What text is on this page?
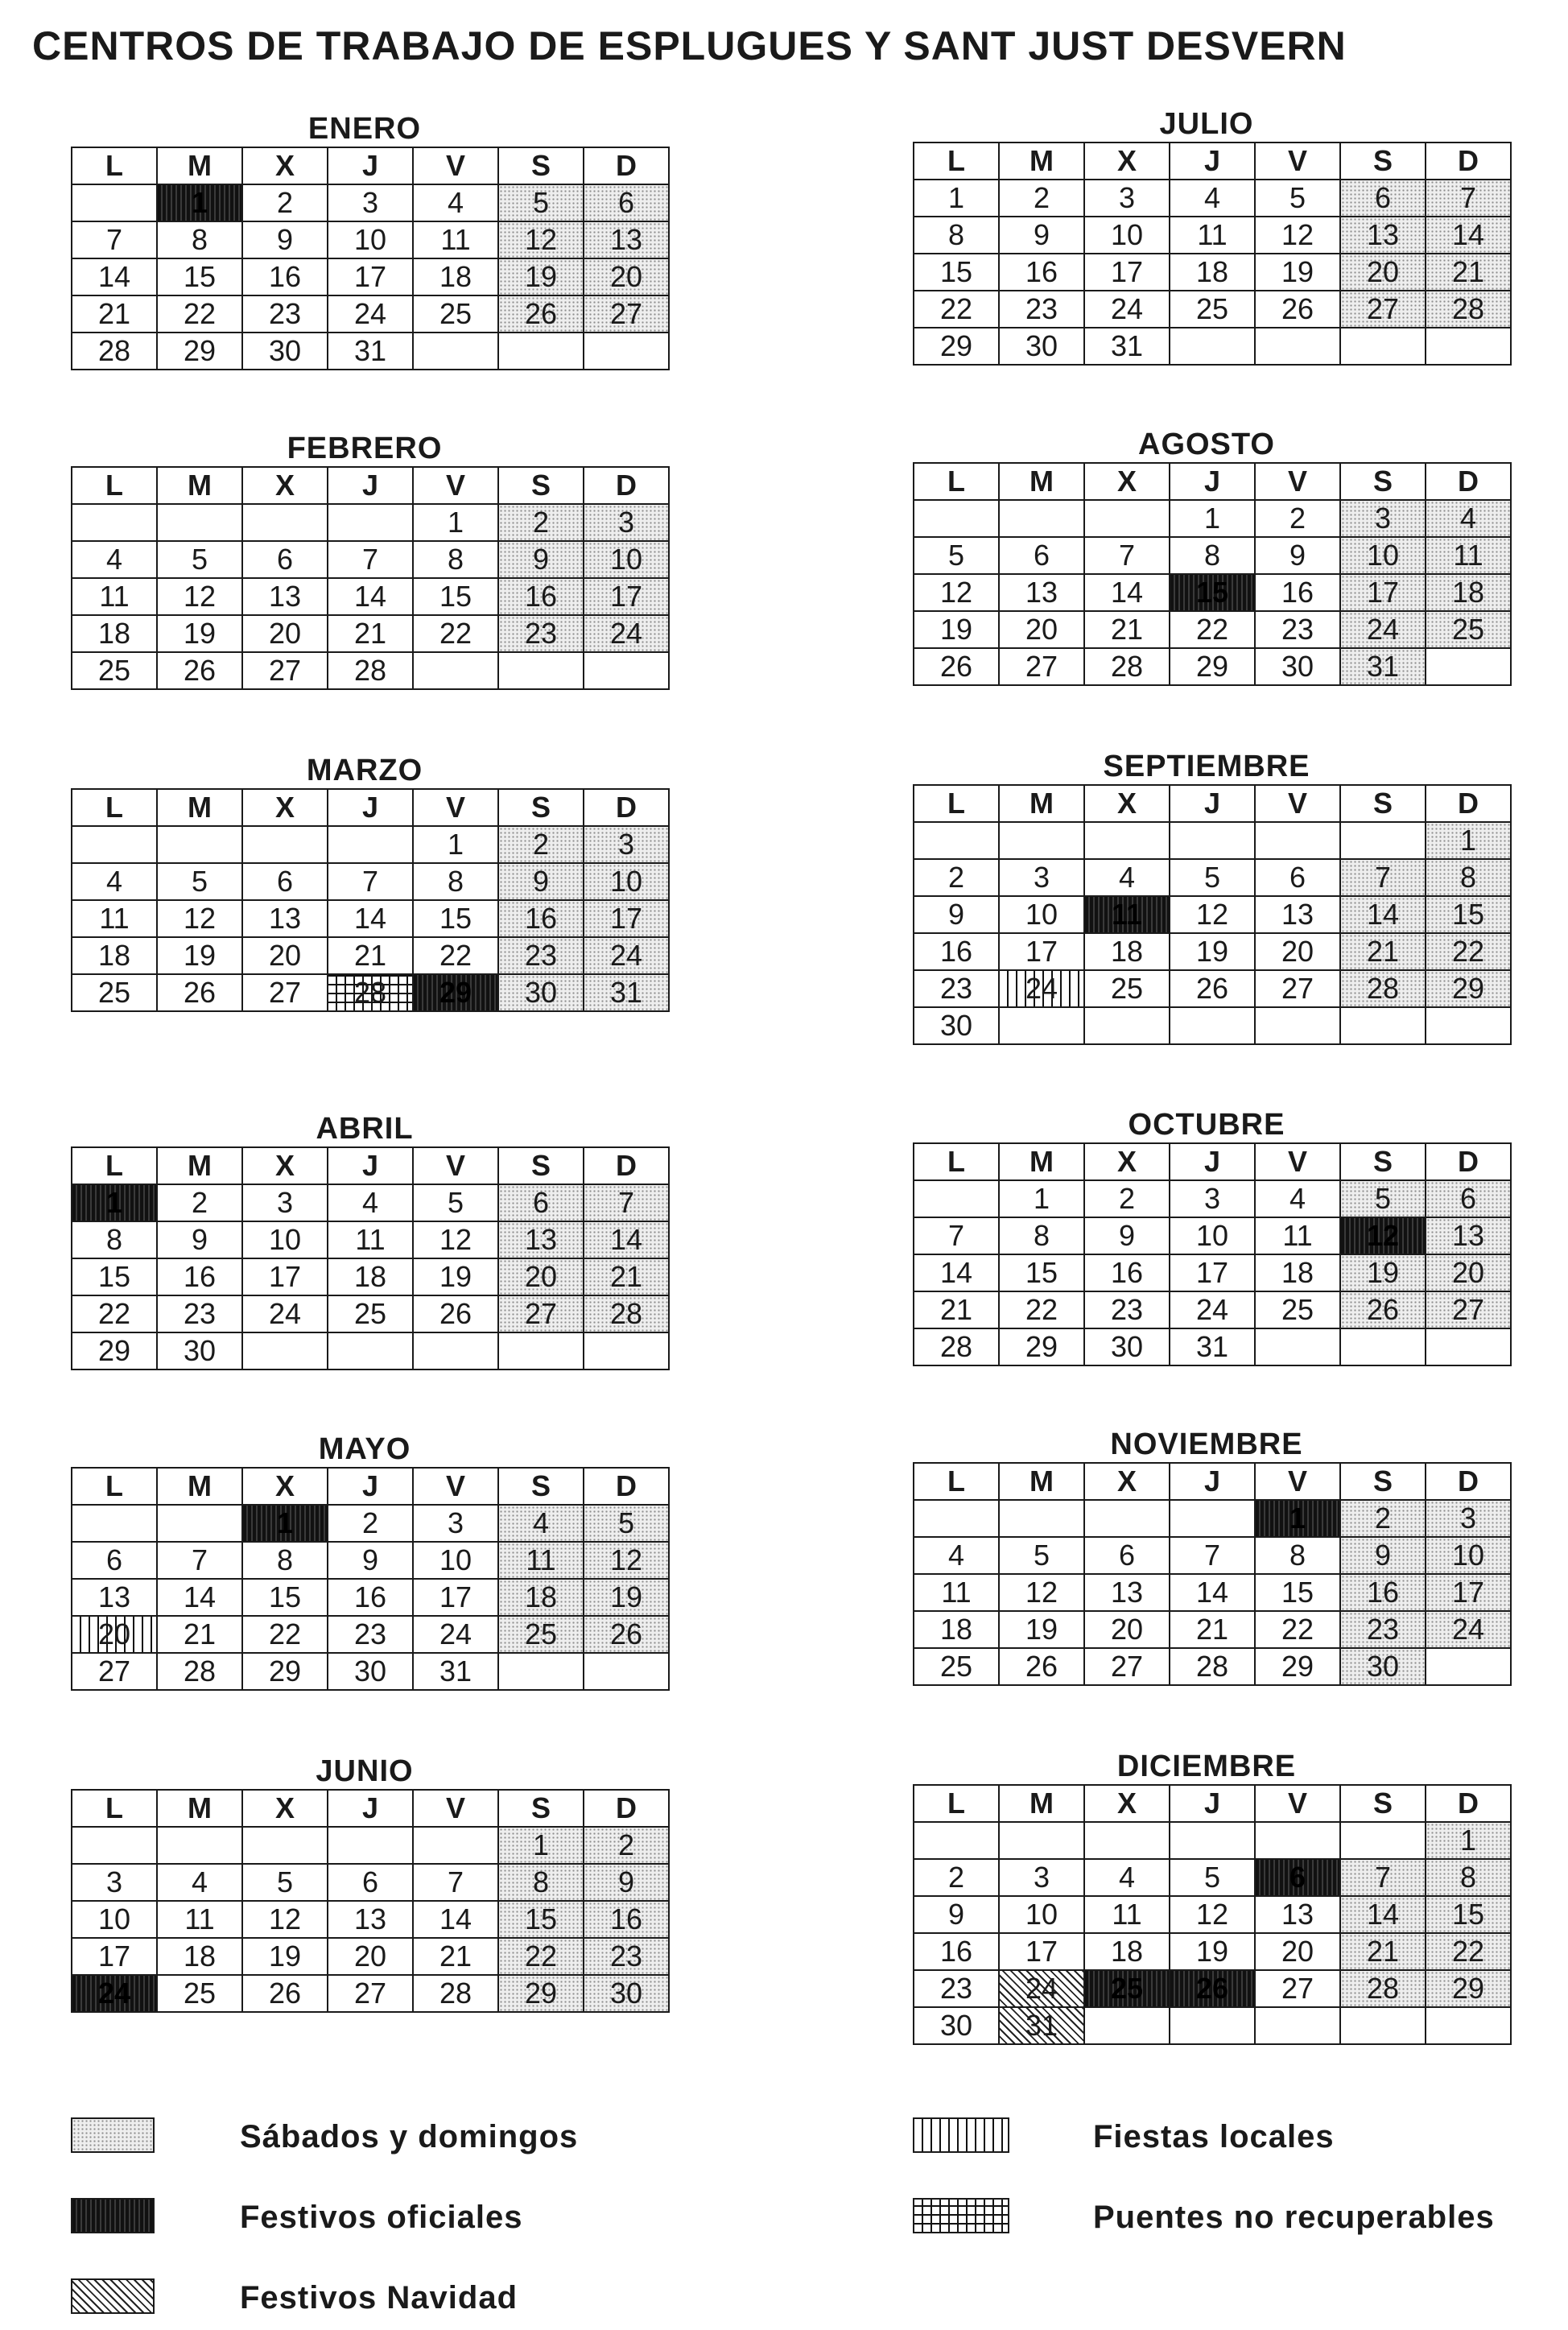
CENTROS DE TRABAJO DE ESPLUGUES Y SANT JUST DESVERN
ENERO
L	M	X	J	V	S	D
	1	2	3	4	5	6
7	8	9	10	11	12	13
14	15	16	17	18	19	20
21	22	23	24	25	26	27
28	29	30	31			
FEBRERO
L	M	X	J	V	S	D
				1	2	3
4	5	6	7	8	9	10
11	12	13	14	15	16	17
18	19	20	21	22	23	24
25	26	27	28			
MARZO
L	M	X	J	V	S	D
				1	2	3
4	5	6	7	8	9	10
11	12	13	14	15	16	17
18	19	20	21	22	23	24
25	26	27	28	29	30	31
ABRIL
L	M	X	J	V	S	D
1	2	3	4	5	6	7
8	9	10	11	12	13	14
15	16	17	18	19	20	21
22	23	24	25	26	27	28
29	30					
MAYO
L	M	X	J	V	S	D
		1	2	3	4	5
6	7	8	9	10	11	12
13	14	15	16	17	18	19
20	21	22	23	24	25	26
27	28	29	30	31		
JUNIO
L	M	X	J	V	S	D
					1	2
3	4	5	6	7	8	9
10	11	12	13	14	15	16
17	18	19	20	21	22	23
24	25	26	27	28	29	30
JULIO
L	M	X	J	V	S	D
1	2	3	4	5	6	7
8	9	10	11	12	13	14
15	16	17	18	19	20	21
22	23	24	25	26	27	28
29	30	31				
AGOSTO
L	M	X	J	V	S	D
			1	2	3	4
5	6	7	8	9	10	11
12	13	14	15	16	17	18
19	20	21	22	23	24	25
26	27	28	29	30	31	
SEPTIEMBRE
L	M	X	J	V	S	D
						1
2	3	4	5	6	7	8
9	10	11	12	13	14	15
16	17	18	19	20	21	22
23	24	25	26	27	28	29
30						
OCTUBRE
L	M	X	J	V	S	D
	1	2	3	4	5	6
7	8	9	10	11	12	13
14	15	16	17	18	19	20
21	22	23	24	25	26	27
28	29	30	31			
NOVIEMBRE
L	M	X	J	V	S	D
				1	2	3
4	5	6	7	8	9	10
11	12	13	14	15	16	17
18	19	20	21	22	23	24
25	26	27	28	29	30	
DICIEMBRE
L	M	X	J	V	S	D
						1
2	3	4	5	6	7	8
9	10	11	12	13	14	15
16	17	18	19	20	21	22
23	24	25	26	27	28	29
30	31					
Sábados y domingos
Festivos oficiales
Festivos Navidad
Fiestas locales
Puentes no recuperables
